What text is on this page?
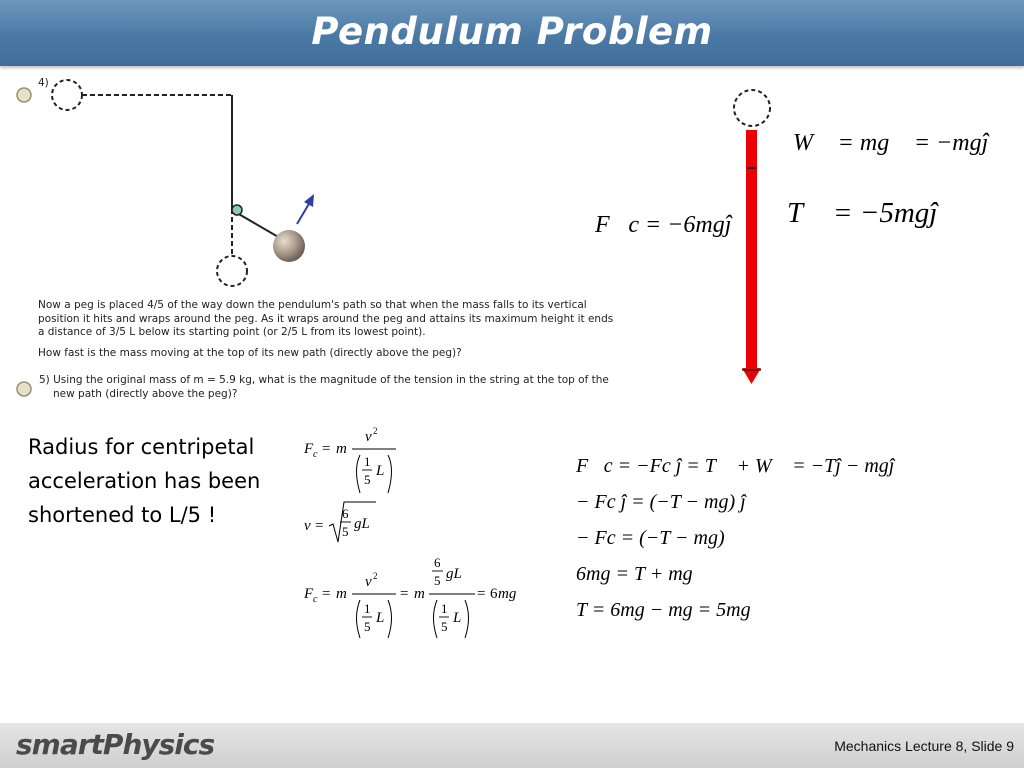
Pendulum Problem
4)
Now a peg is placed 4/5 of the way down the pendulum's path so that when the mass falls to its vertical
position it hits and wraps around the peg. As it wraps around the peg and attains its maximum height it ends
a distance of 3/5 L below its starting point (or 2/5 L from its lowest point).
How fast is the mass moving at the top of its new path (directly above the peg)?
5) Using the original mass of m = 5.9 kg, what is the magnitude of the tension in the string at the top of the
new path (directly above the peg)?
W⃗ = mg⃗ = −mgĵ
T⃗ = −5mgĵ
F⃗c = −6mgĵ
Radius for centripetal
acceleration has been
shortened to L/5 !
F c = m
v 2
1
5
L
v =
6
5 gL
F c = m
v 2
1
5
L
= m
6
5 gL
1
5
L
= 6 mg
F⃗c = −Fc ĵ = T⃗ + W⃗ = −Tĵ − mgĵ
− Fc ĵ = (−T − mg) ĵ
− Fc = (−T − mg)
6mg = T + mg
T = 6mg − mg = 5mg
smartPhysics	Mechanics Lecture 8, Slide 9
